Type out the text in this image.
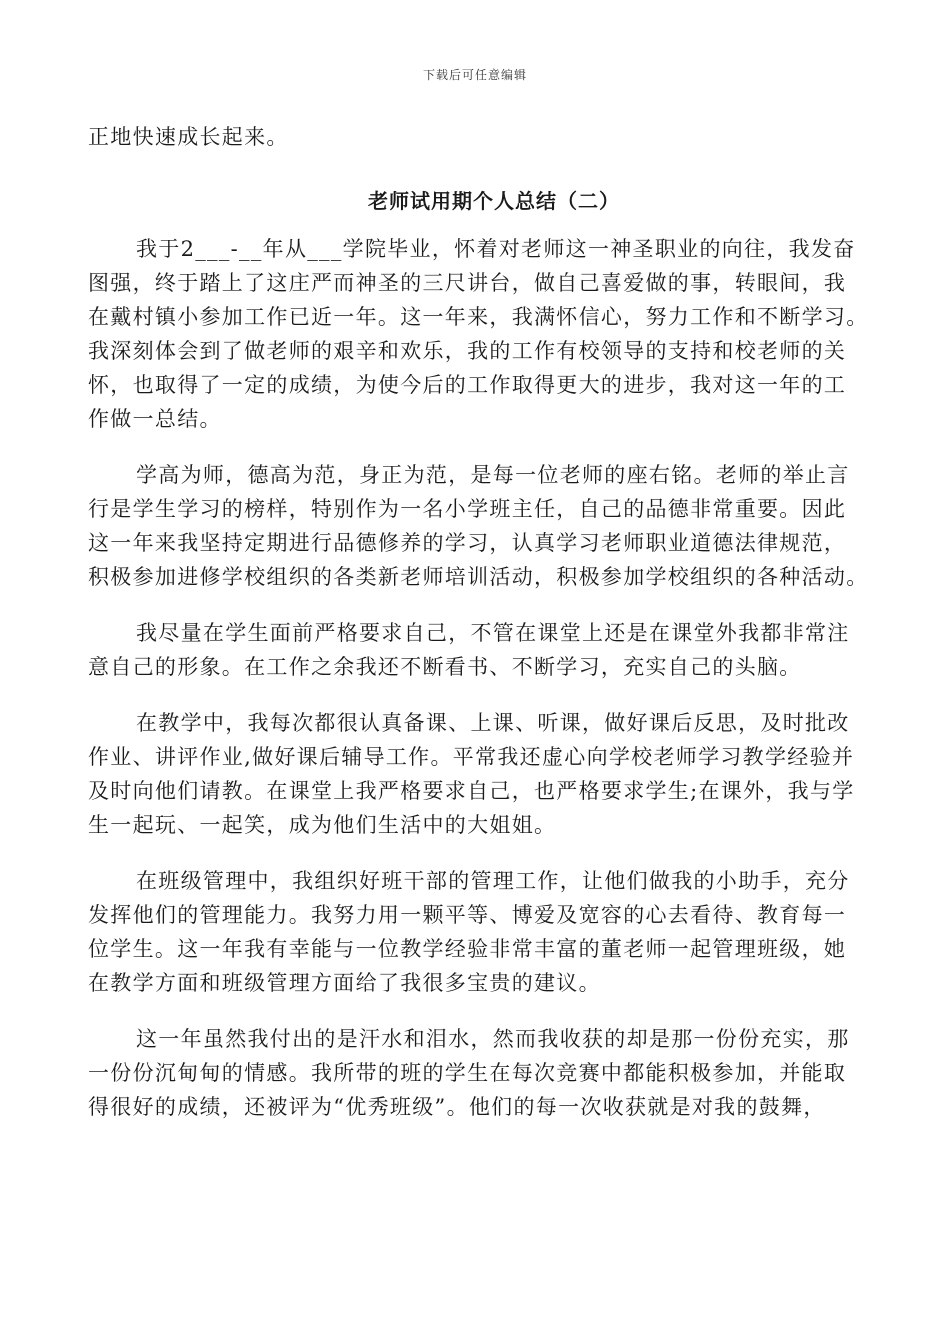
下载后可任意编辑

正地快速成长起来。

老师试用期个人总结（二）

我于2___-__年从___学院毕业，怀着对老师这一神圣职业的向往，我发奋

图强，终于踏上了这庄严而神圣的三尺讲台，做自己喜爱做的事，转眼间，我

在戴村镇小参加工作已近一年。这一年来，我满怀信心，努力工作和不断学习。

我深刻体会到了做老师的艰辛和欢乐，我的工作有校领导的支持和校老师的关

怀，也取得了一定的成绩，为使今后的工作取得更大的进步，我对这一年的工

作做一总结。

学高为师，德高为范，身正为范，是每一位老师的座右铭。老师的举止言

行是学生学习的榜样，特别作为一名小学班主任，自己的品德非常重要。因此

这一年来我坚持定期进行品德修养的学习，认真学习老师职业道德法律规范，

积极参加进修学校组织的各类新老师培训活动，积极参加学校组织的各种活动。

我尽量在学生面前严格要求自己，不管在课堂上还是在课堂外我都非常注

意自己的形象。在工作之余我还不断看书、不断学习，充实自己的头脑。

在教学中，我每次都很认真备课、上课、听课，做好课后反思，及时批改

作业、讲评作业,做好课后辅导工作。平常我还虚心向学校老师学习教学经验并

及时向他们请教。在课堂上我严格要求自己，也严格要求学生;在课外，我与学

生一起玩、一起笑，成为他们生活中的大姐姐。

在班级管理中，我组织好班干部的管理工作，让他们做我的小助手，充分

发挥他们的管理能力。我努力用一颗平等、博爱及宽容的心去看待、教育每一

位学生。这一年我有幸能与一位教学经验非常丰富的董老师一起管理班级，她

在教学方面和班级管理方面给了我很多宝贵的建议。

这一年虽然我付出的是汗水和泪水，然而我收获的却是那一份份充实，那

一份份沉甸甸的情感。我所带的班的学生在每次竞赛中都能积极参加，并能取

得很好的成绩，还被评为“优秀班级”。他们的每一次收获就是对我的鼓舞，
